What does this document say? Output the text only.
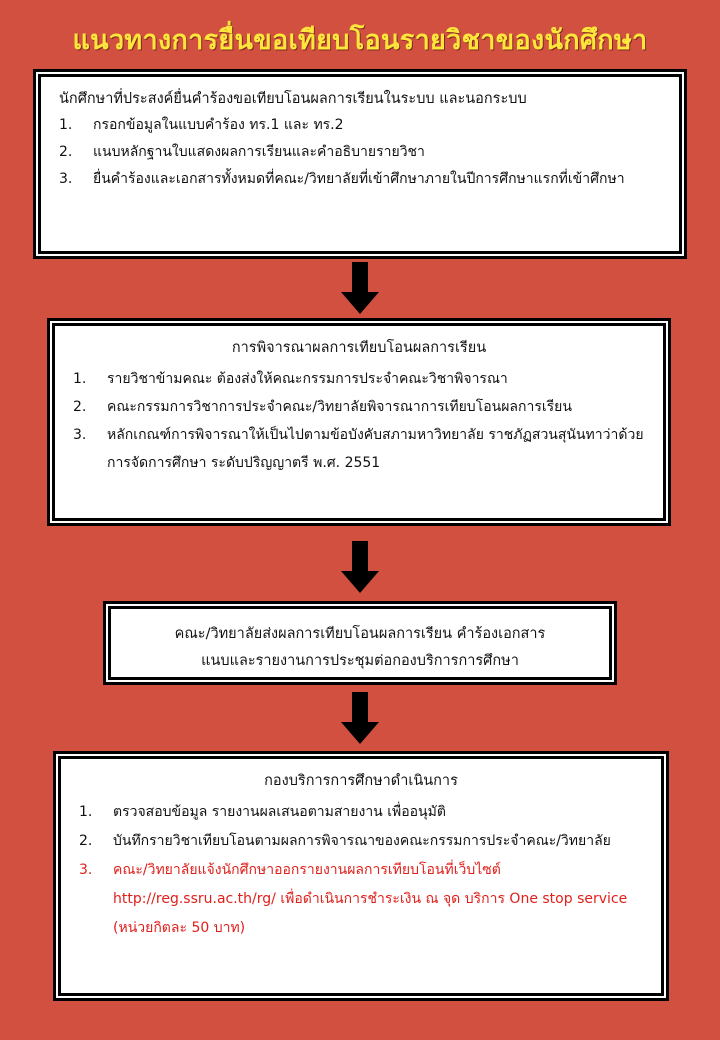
แนวทางการยื่นขอเทียบโอนรายวิชาของนักศึกษา
นักศึกษาที่ประสงค์ยื่นคำร้องขอเทียบโอนผลการเรียนในระบบ และนอกระบบ
1. กรอกข้อมูลในแบบคำร้อง ทร.1 และ ทร.2
2. แนบหลักฐานใบแสดงผลการเรียนและคำอธิบายรายวิชา
3. ยื่นคำร้องและเอกสารทั้งหมดที่คณะ/วิทยาลัยที่เข้าศึกษาภายในปีการศึกษาแรกที่เข้าศึกษา
การพิจารณาผลการเทียบโอนผลการเรียน
1. รายวิชาข้ามคณะ ต้องส่งให้คณะกรรมการประจำคณะวิชาพิจารณา
2. คณะกรรมการวิชาการประจำคณะ/วิทยาลัยพิจารณาการเทียบโอนผลการเรียน
3. หลักเกณฑ์การพิจารณาให้เป็นไปตามข้อบังคับสภามหาวิทยาลัย ราชภัฏสวนสุนันทาว่าด้วยการจัดการศึกษา ระดับปริญญาตรี พ.ศ. 2551

คณะ/วิทยาลัยส่งผลการเทียบโอนผลการเรียน คำร้องเอกสาร

แนบและรายงานการประชุมต่อกองบริการการศึกษา

กองบริการการศึกษาดำเนินการ
1. ตรวจสอบข้อมูล รายงานผลเสนอตามสายงาน เพื่ออนุมัติ
2. บันทึกรายวิชาเทียบโอนตามผลการพิจารณาของคณะกรรมการประจำคณะ/วิทยาลัย
3. คณะ/วิทยาลัยแจ้งนักศึกษาออกรายงานผลการเทียบโอนที่เว็บไซต์ http://reg.ssru.ac.th/rg/ เพื่อดำเนินการชำระเงิน ณ จุด บริการ One stop service (หน่วยกิตละ 50 บาท)
